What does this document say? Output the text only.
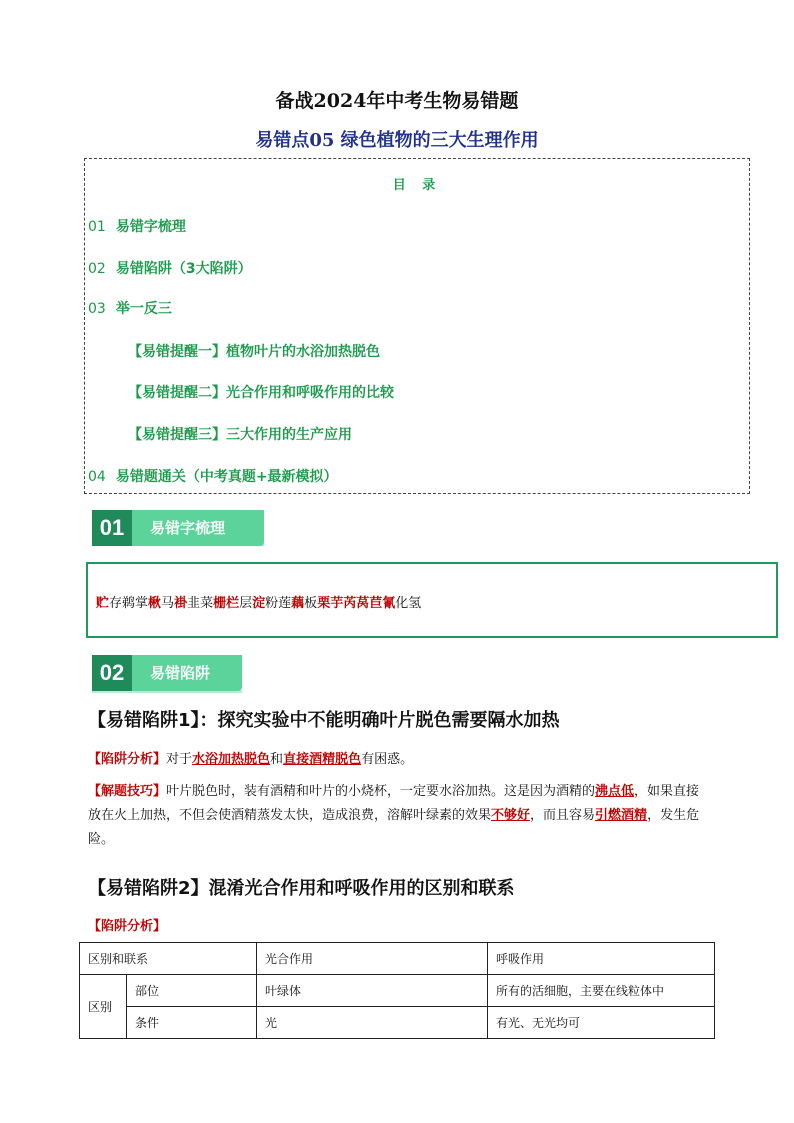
备战2024年中考生物易错题
易错点05 绿色植物的三大生理作用
目 录
01 易错字梳理
02 易错陷阱（3大陷阱）
03 举一反三
【易错提醒一】植物叶片的水浴加热脱色
【易错提醒二】光合作用和呼吸作用的比较
【易错提醒三】三大作用的生产应用
04 易错题通关（中考真题+最新模拟）
01	易错字梳理
贮存鹈掌楸马褂韭菜栅栏层淀粉莲藕板栗芋芮莴苣氰化氢
02	易错陷阱
【易错陷阱1】：探究实验中不能明确叶片脱色需要隔水加热
【陷阱分析】对于水浴加热脱色和直接酒精脱色有困惑。
【解题技巧】叶片脱色时，装有酒精和叶片的小烧杯，一定要水浴加热。这是因为酒精的沸点低，如果直接放在火上加热，不但会使酒精蒸发太快，造成浪费，溶解叶绿素的效果不够好，而且容易引燃酒精，发生危险。
【易错陷阱2】混淆光合作用和呼吸作用的区别和联系
【陷阱分析】
区别和联系		光合作用	呼吸作用
区别	部位	叶绿体	所有的活细胞，主要在线粒体中
	条件	光	有光、无光均可
